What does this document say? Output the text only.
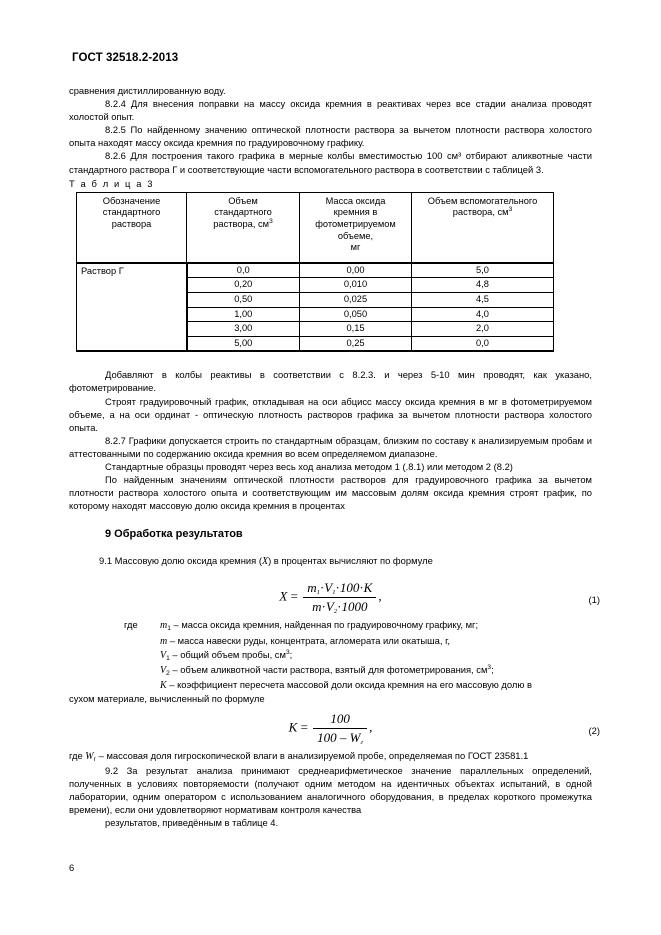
ГОСТ 32518.2-2013

сравнения дистиллированную воду.

8.2.4 Для внесения поправки на массу оксида кремния в реактивах через все стадии анализа проводят холостой опыт.

8.2.5 По найденному значению оптической плотности раствора за вычетом плотности раствора холостого опыта находят массу оксида кремния по градуировочному графику.

8.2.6 Для построения такого графика в мерные колбы вместимостью 100 см³ отбирают аликвотные части стандартного раствора Г и соответствующие части вспомогательного раствора в соответствии с таблицей 3.

Т а б л и ц а 3
Обозначение
стандартного
раствора	Объем
стандартного
раствора, $см^3$	Масса оксида
кремния в
фотометрируемом
объеме,
мг	Объем вспомогательного
раствора, $см^3$
Раствор Г	0,0	0,00	5,0
	0,20	0,010	4,8
	0,50	0,025	4,5
	1,00	0,050	4,0
	3,00	0,15	2,0
	5,00	0,25	0,0

Добавляют в колбы реактивы в соответствии с 8.2.3. и через 5-10 мин проводят, как указано, фотометрирование.

Строят градуировочный график, откладывая на оси абцисс массу оксида кремния в мг в фотометрируемом объеме, а на оси ординат - оптическую плотность растворов графика за вычетом плотности раствора холостого опыта.

8.2.7 Графики допускается строить по стандартным образцам, близким по составу к анализируемым пробам и аттестованными по содержанию оксида кремния во всем определяемом диапазоне.

Стандартные образцы проводят через весь ход анализа методом 1 (.8.1) или методом 2 (8.2)

По найденным значениям оптической плотности растворов для градуировочного графика за вычетом плотности раствора холостого опыта и соответствующим им массовым долям оксида кремния строят график, по которому находят массовую долю оксида кремния в процентах

9 Обработка результатов

9.1 Массовую долю оксида кремния (X) в процентах вычисляют по формуле

$X = \frac{m_1\cdot V_1\cdot 100\cdot K}{m\cdot V_2\cdot 1000}$ ,	(1)
где $m_1$ – масса оксида кремния, найденная по градуировочному графику, мг;
m – масса навески руды, концентрата, агломерата или окатыша, г,
$V_1$ – общий объем пробы, $см^3$;
$V_2$ – объем аликвотной части раствора, взятый для фотометрирования, $см^3$;
K – коэффициент пересчета массовой доли оксида кремния на его массовую долю в
сухом материале, вычисленный по формуле
$K = \frac{100}{100 - W_г}$ ,	(2)

где $W_г$ – массовая доля гигроскопической влаги в анализируемой пробе, определяемая по ГОСТ 23581.1

9.2 За результат анализа принимают среднеарифметическое значение параллельных определений, полученных в условиях повторяемости (получают одним методом на идентичных объектах испытаний, в одной лаборатории, одним оператором с использованием аналогичного оборудования, в пределах короткого промежутка времени), если они удовлетворяют нормативам контроля качества

результатов, приведённым в таблице 4.

6
